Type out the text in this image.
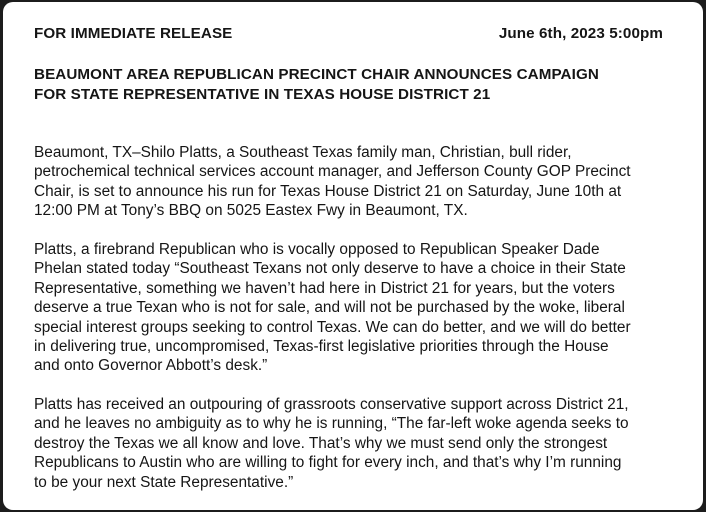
FOR IMMEDIATE RELEASE	June 6th, 2023 5:00pm
BEAUMONT AREA REPUBLICAN PRECINCT CHAIR ANNOUNCES CAMPAIGN
FOR STATE REPRESENTATIVE IN TEXAS HOUSE DISTRICT 21
Beaumont, TX–Shilo Platts, a Southeast Texas family man, Christian, bull rider,
petrochemical technical services account manager, and Jefferson County GOP Precinct
Chair, is set to announce his run for Texas House District 21 on Saturday, June 10th at
12:00 PM at Tony’s BBQ on 5025 Eastex Fwy in Beaumont, TX.
Platts, a firebrand Republican who is vocally opposed to Republican Speaker Dade
Phelan stated today “Southeast Texans not only deserve to have a choice in their State
Representative, something we haven’t had here in District 21 for years, but the voters
deserve a true Texan who is not for sale, and will not be purchased by the woke, liberal
special interest groups seeking to control Texas. We can do better, and we will do better
in delivering true, uncompromised, Texas-first legislative priorities through the House
and onto Governor Abbott’s desk.”
Platts has received an outpouring of grassroots conservative support across District 21,
and he leaves no ambiguity as to why he is running, “The far-left woke agenda seeks to
destroy the Texas we all know and love. That’s why we must send only the strongest
Republicans to Austin who are willing to fight for every inch, and that’s why I’m running
to be your next State Representative.”
